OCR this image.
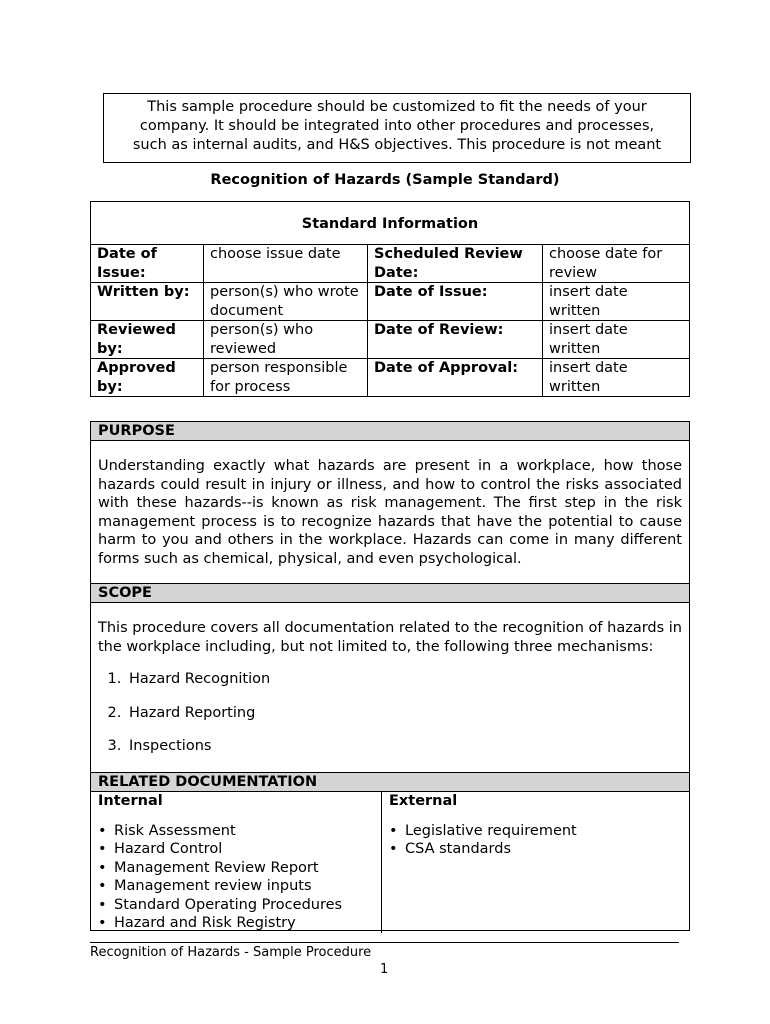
This sample procedure should be customized to fit the needs of your

company. It should be integrated into other procedures and processes,

such as internal audits, and H&S objectives. This procedure is not meant

Recognition of Hazards (Sample Standard)
Standard Information			
Date of Issue:	choose issue date	Scheduled Review Date:	choose date for review
Written by:	person(s) who wrote document	Date of Issue:	insert date written
Reviewed by:	person(s) who reviewed	Date of Review:	insert date written
Approved by:	person responsible for process	Date of Approval:	insert date written
PURPOSE
Understanding exactly what hazards are present in a workplace, how those hazards could result in injury or illness, and how to control the risks associated with these hazards--is known as risk management. The first step in the risk management process is to recognize hazards that have the potential to cause harm to you and others in the workplace. Hazards can come in many different forms such as chemical, physical, and even psychological.
SCOPE
This procedure covers all documentation related to the recognition of hazards in the workplace including, but not limited to, the following three mechanisms:
1. Hazard Recognition
2. Hazard Reporting
3. Inspections
RELATED DOCUMENTATION
Internal
• Risk Assessment
• Hazard Control
• Management Review Report
• Management review inputs
• Standard Operating Procedures
• Hazard and Risk Registry

External
• Legislative requirement
• CSA standards
Recognition of Hazards - Sample Procedure
1
